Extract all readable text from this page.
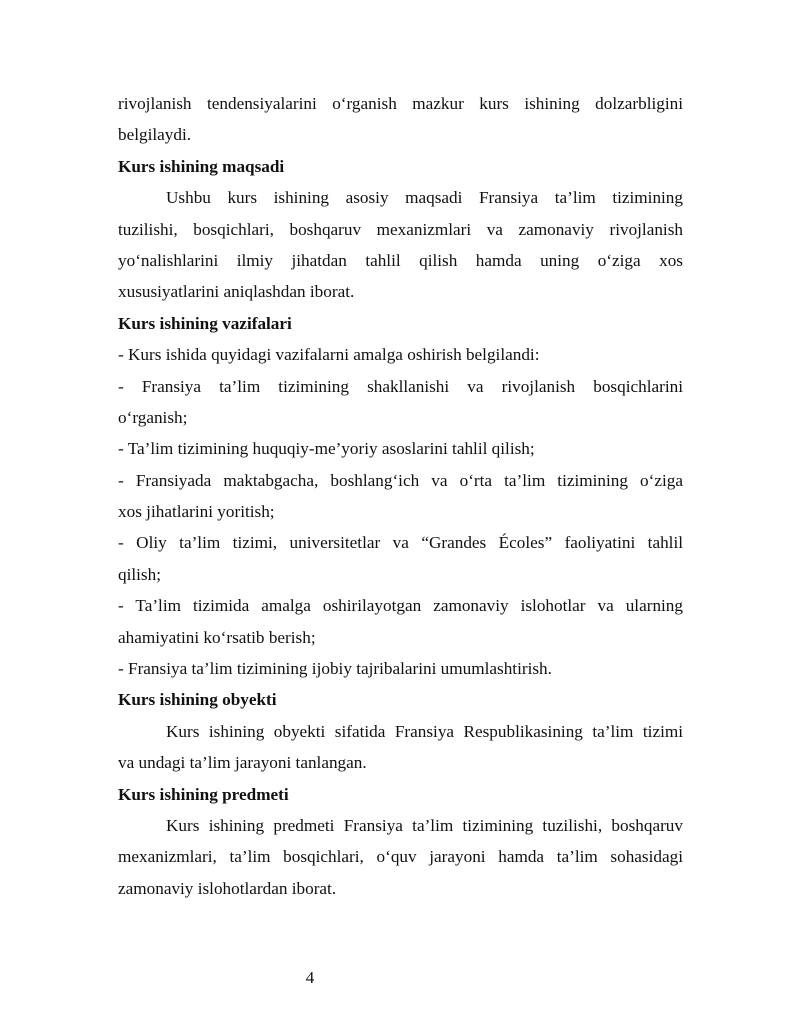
rivojlanish tendensiyalarini o‘rganish mazkur kurs ishining dolzarbligini

belgilaydi.

Kurs ishining maqsadi

Ushbu kurs ishining asosiy maqsadi Fransiya ta’lim tizimining

tuzilishi, bosqichlari, boshqaruv mexanizmlari va zamonaviy rivojlanish

yo‘nalishlarini ilmiy jihatdan tahlil qilish hamda uning o‘ziga xos

xususiyatlarini aniqlashdan iborat.

Kurs ishining vazifalari

- Kurs ishida quyidagi vazifalarni amalga oshirish belgilandi:

- Fransiya ta’lim tizimining shakllanishi va rivojlanish bosqichlarini

o‘rganish;

- Ta’lim tizimining huquqiy-me’yoriy asoslarini tahlil qilish;

- Fransiyada maktabgacha, boshlang‘ich va o‘rta ta’lim tizimining o‘ziga

xos jihatlarini yoritish;

- Oliy ta’lim tizimi, universitetlar va “Grandes Écoles” faoliyatini tahlil

qilish;

- Ta’lim tizimida amalga oshirilayotgan zamonaviy islohotlar va ularning

ahamiyatini ko‘rsatib berish;

- Fransiya ta’lim tizimining ijobiy tajribalarini umumlashtirish.

Kurs ishining obyekti

Kurs ishining obyekti sifatida Fransiya Respublikasining ta’lim tizimi

va undagi ta’lim jarayoni tanlangan.

Kurs ishining predmeti

Kurs ishining predmeti Fransiya ta’lim tizimining tuzilishi, boshqaruv

mexanizmlari, ta’lim bosqichlari, o‘quv jarayoni hamda ta’lim sohasidagi

zamonaviy islohotlardan iborat.

4
